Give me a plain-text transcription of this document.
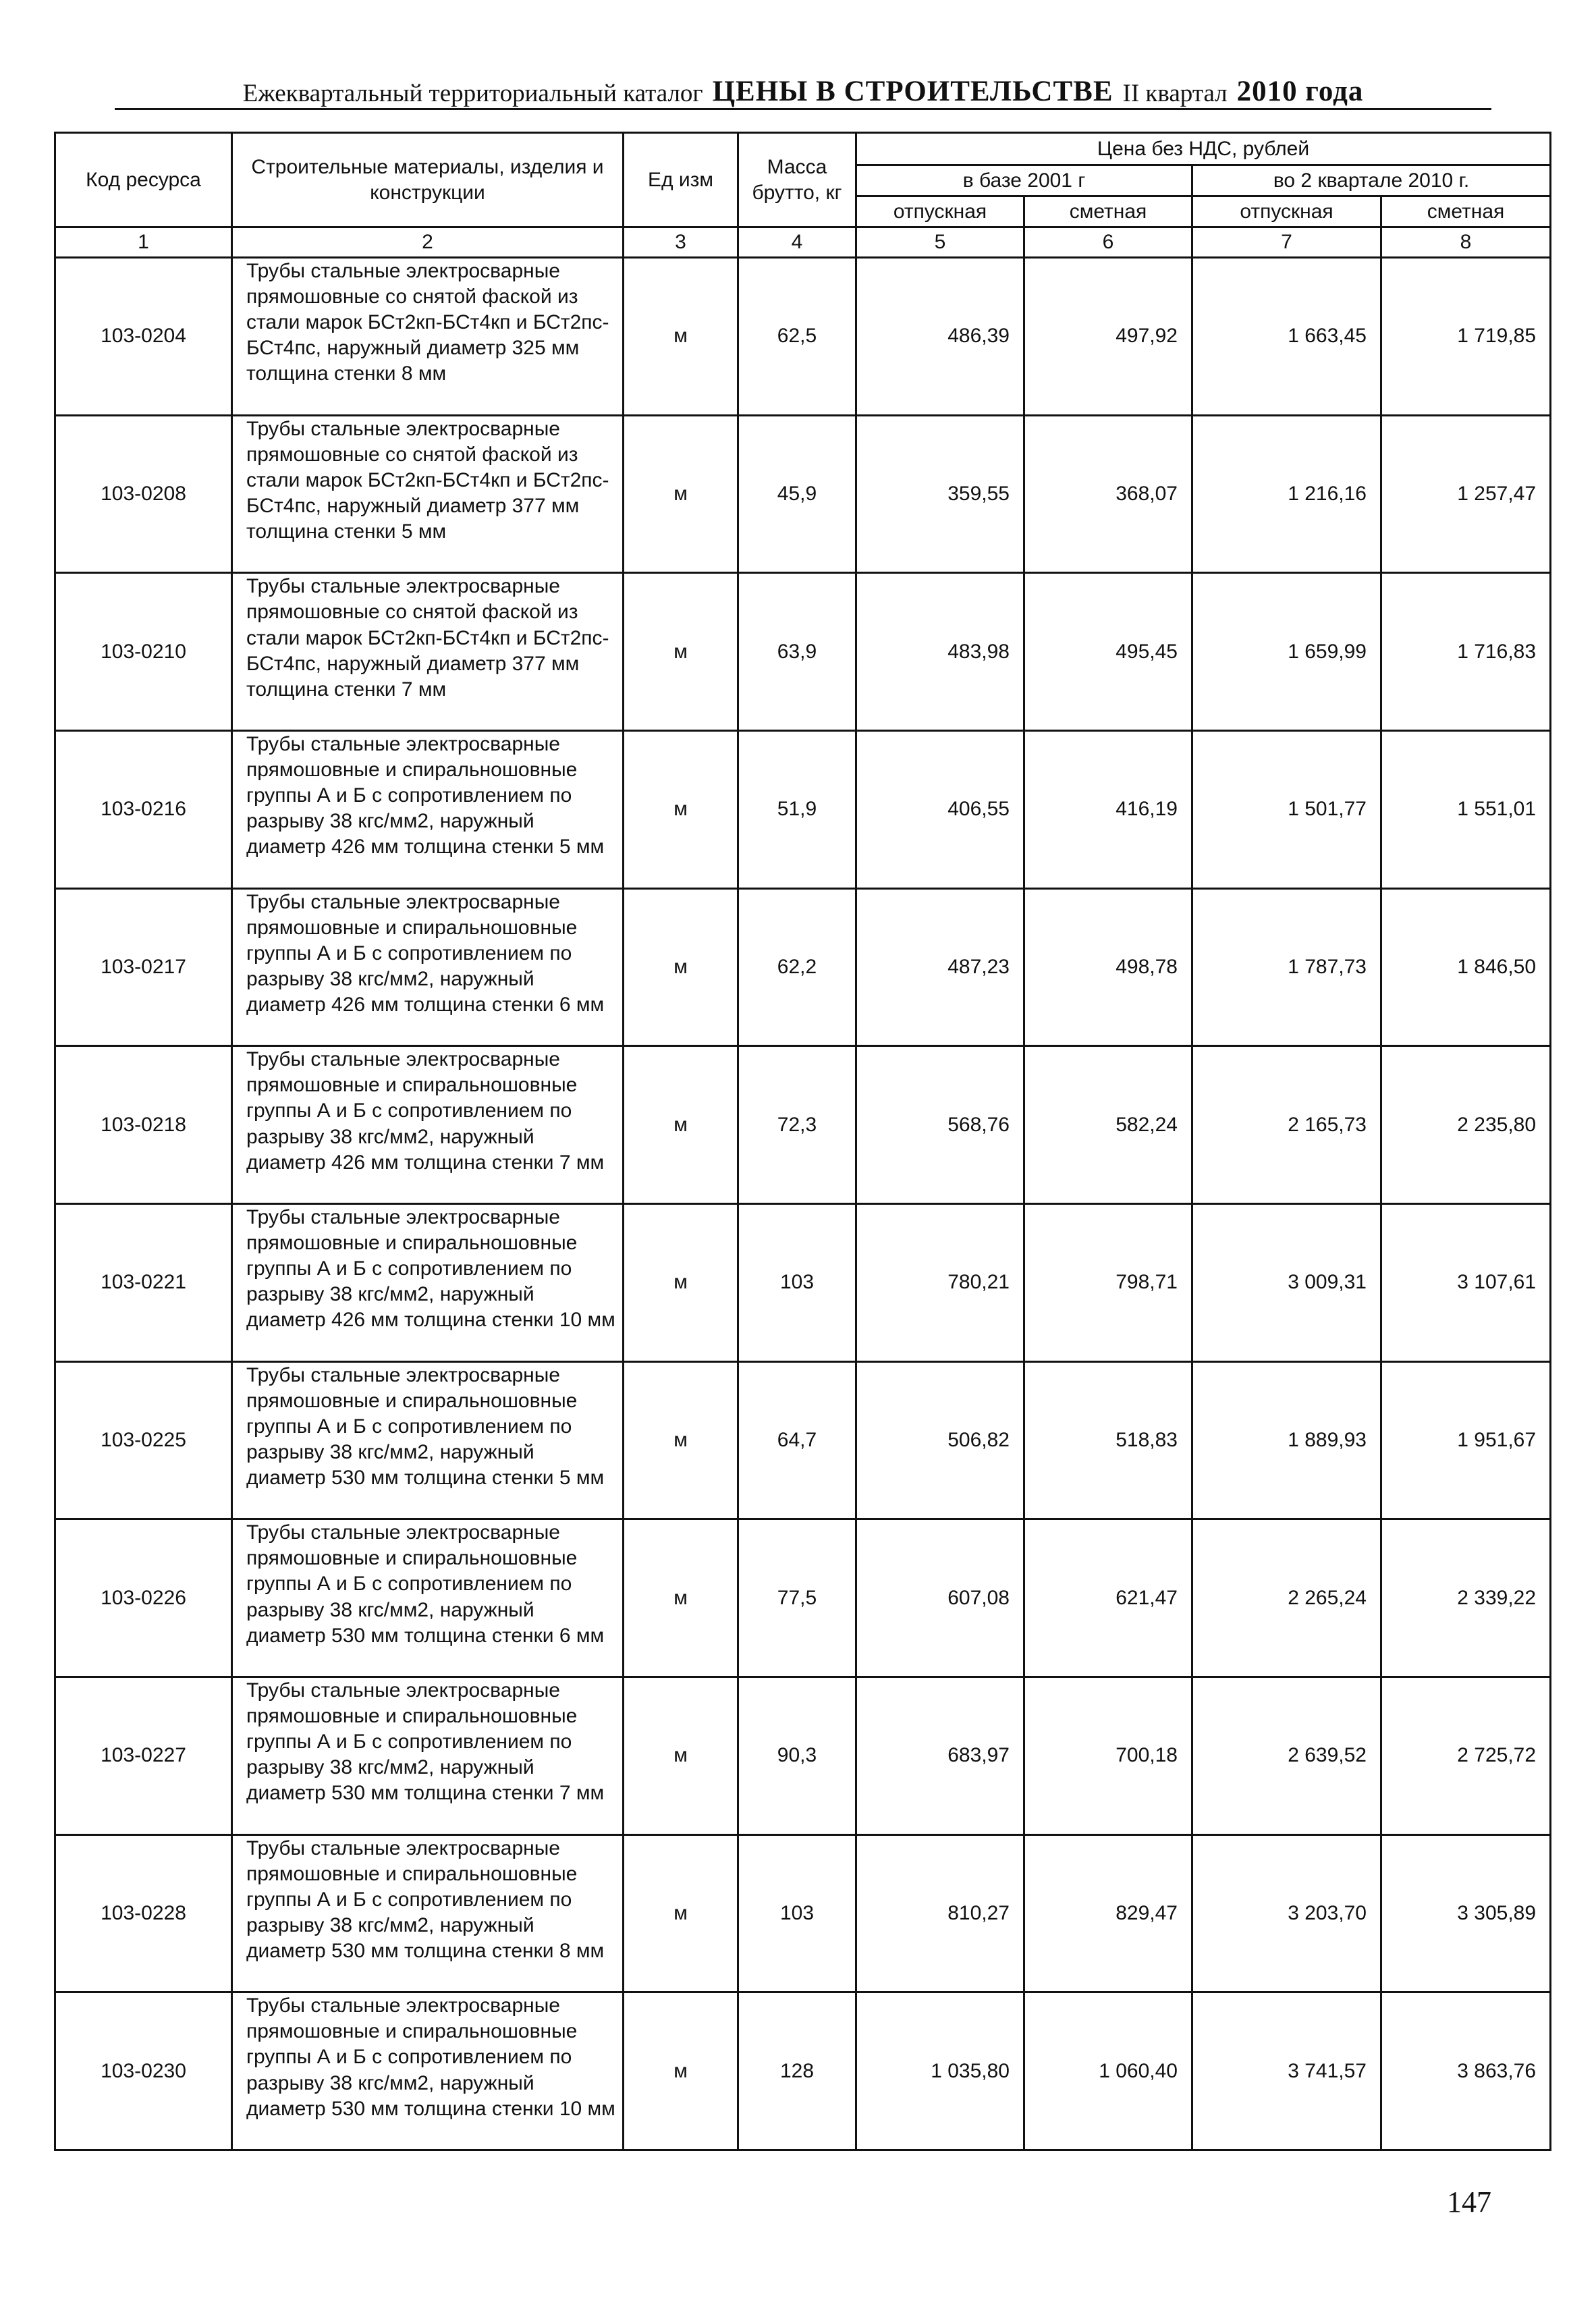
Ежеквартальный территориальный каталог ЦЕНЫ В СТРОИТЕЛЬСТВЕ II квартал 2010 года
Код ресурса	Строительные материалы, изделия и конструкции	Ед изм	Масса брутто, кг	Цена без НДС, рублей			
				в базе 2001 г		во 2 квартале 2010 г.	
				отпускная	сметная	отпускная	сметная
1	2	3	4	5	6	7	8
103-0204	Трубы стальные электросварные прямошовные со снятой фаской из стали марок БСт2кп-БСт4кп и БСт2пс-БСт4пс, наружный диаметр 325 мм толщина стенки 8 мм	м	62,5	486,39	497,92	1 663,45	1 719,85
103-0208	Трубы стальные электросварные прямошовные со снятой фаской из стали марок БСт2кп-БСт4кп и БСт2пс-БСт4пс, наружный диаметр 377 мм толщина стенки 5 мм	м	45,9	359,55	368,07	1 216,16	1 257,47
103-0210	Трубы стальные электросварные прямошовные со снятой фаской из стали марок БСт2кп-БСт4кп и БСт2пс-БСт4пс, наружный диаметр 377 мм толщина стенки 7 мм	м	63,9	483,98	495,45	1 659,99	1 716,83
103-0216	Трубы стальные электросварные прямошовные и спиральношовные группы А и Б с сопротивлением по разрыву 38 кгс/мм2, наружный диаметр 426 мм толщина стенки 5 мм	м	51,9	406,55	416,19	1 501,77	1 551,01
103-0217	Трубы стальные электросварные прямошовные и спиральношовные группы А и Б с сопротивлением по разрыву 38 кгс/мм2, наружный диаметр 426 мм толщина стенки 6 мм	м	62,2	487,23	498,78	1 787,73	1 846,50
103-0218	Трубы стальные электросварные прямошовные и спиральношовные группы А и Б с сопротивлением по разрыву 38 кгс/мм2, наружный диаметр 426 мм толщина стенки 7 мм	м	72,3	568,76	582,24	2 165,73	2 235,80
103-0221	Трубы стальные электросварные прямошовные и спиральношовные группы А и Б с сопротивлением по разрыву 38 кгс/мм2, наружный диаметр 426 мм толщина стенки 10 мм	м	103	780,21	798,71	3 009,31	3 107,61
103-0225	Трубы стальные электросварные прямошовные и спиральношовные группы А и Б с сопротивлением по разрыву 38 кгс/мм2, наружный диаметр 530 мм толщина стенки 5 мм	м	64,7	506,82	518,83	1 889,93	1 951,67
103-0226	Трубы стальные электросварные прямошовные и спиральношовные группы А и Б с сопротивлением по разрыву 38 кгс/мм2, наружный диаметр 530 мм толщина стенки 6 мм	м	77,5	607,08	621,47	2 265,24	2 339,22
103-0227	Трубы стальные электросварные прямошовные и спиральношовные группы А и Б с сопротивлением по разрыву 38 кгс/мм2, наружный диаметр 530 мм толщина стенки 7 мм	м	90,3	683,97	700,18	2 639,52	2 725,72
103-0228	Трубы стальные электросварные прямошовные и спиральношовные группы А и Б с сопротивлением по разрыву 38 кгс/мм2, наружный диаметр 530 мм толщина стенки 8 мм	м	103	810,27	829,47	3 203,70	3 305,89
103-0230	Трубы стальные электросварные прямошовные и спиральношовные группы А и Б с сопротивлением по разрыву 38 кгс/мм2, наружный диаметр 530 мм толщина стенки 10 мм	м	128	1 035,80	1 060,40	3 741,57	3 863,76
147
